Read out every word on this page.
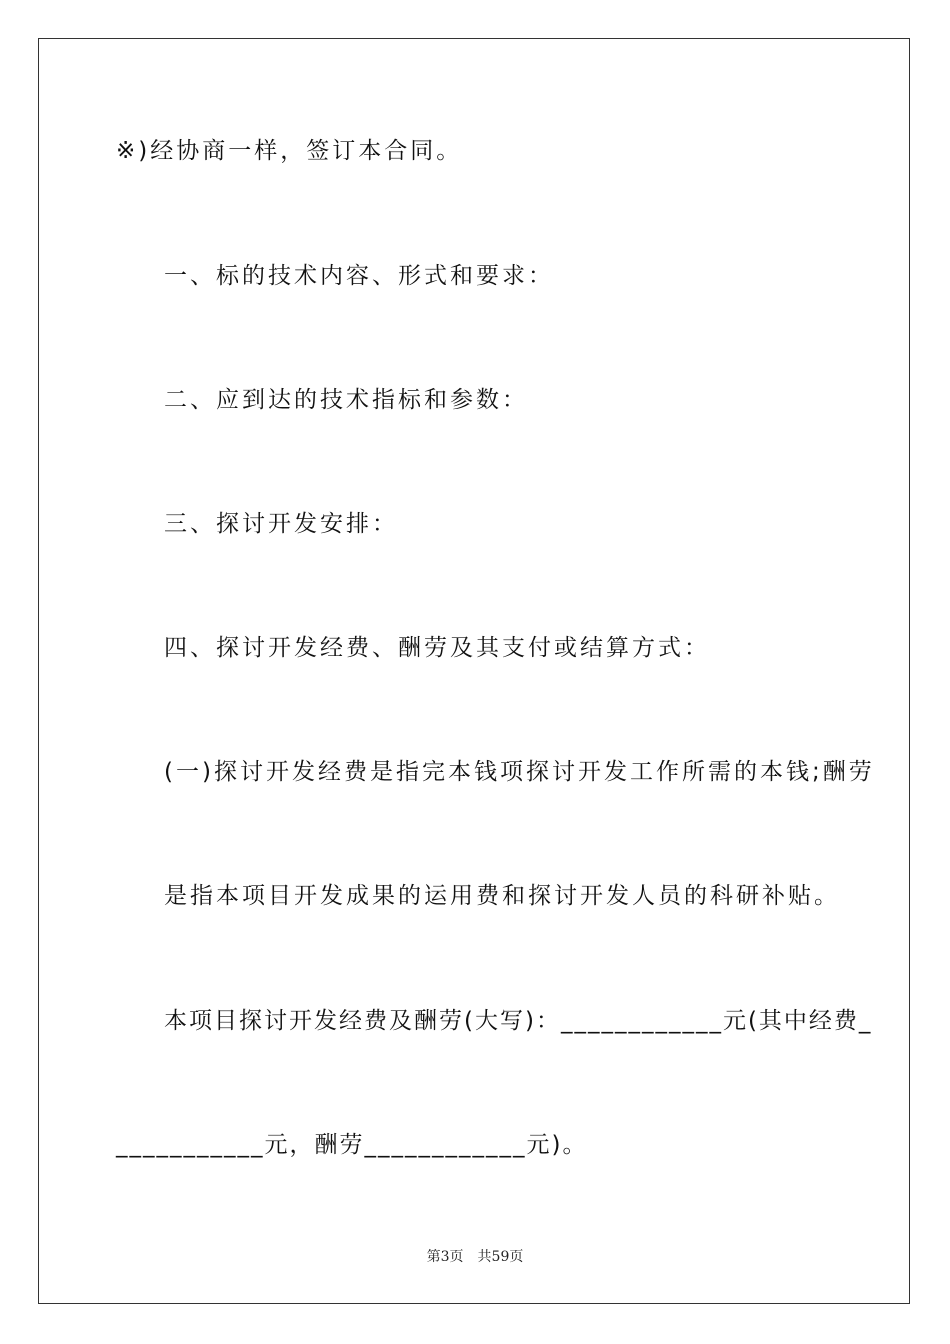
※)经协商一样，签订本合同。
一、标的技术内容、形式和要求：
二、应到达的技术指标和参数：
三、探讨开发安排：
四、探讨开发经费、酬劳及其支付或结算方式：
(一)探讨开发经费是指完本钱项探讨开发工作所需的本钱;酬劳
是指本项目开发成果的运用费和探讨开发人员的科研补贴。
本项目探讨开发经费及酬劳(大写)：____________元(其中经费_
___________元，酬劳____________元)。
第3页 共59页
